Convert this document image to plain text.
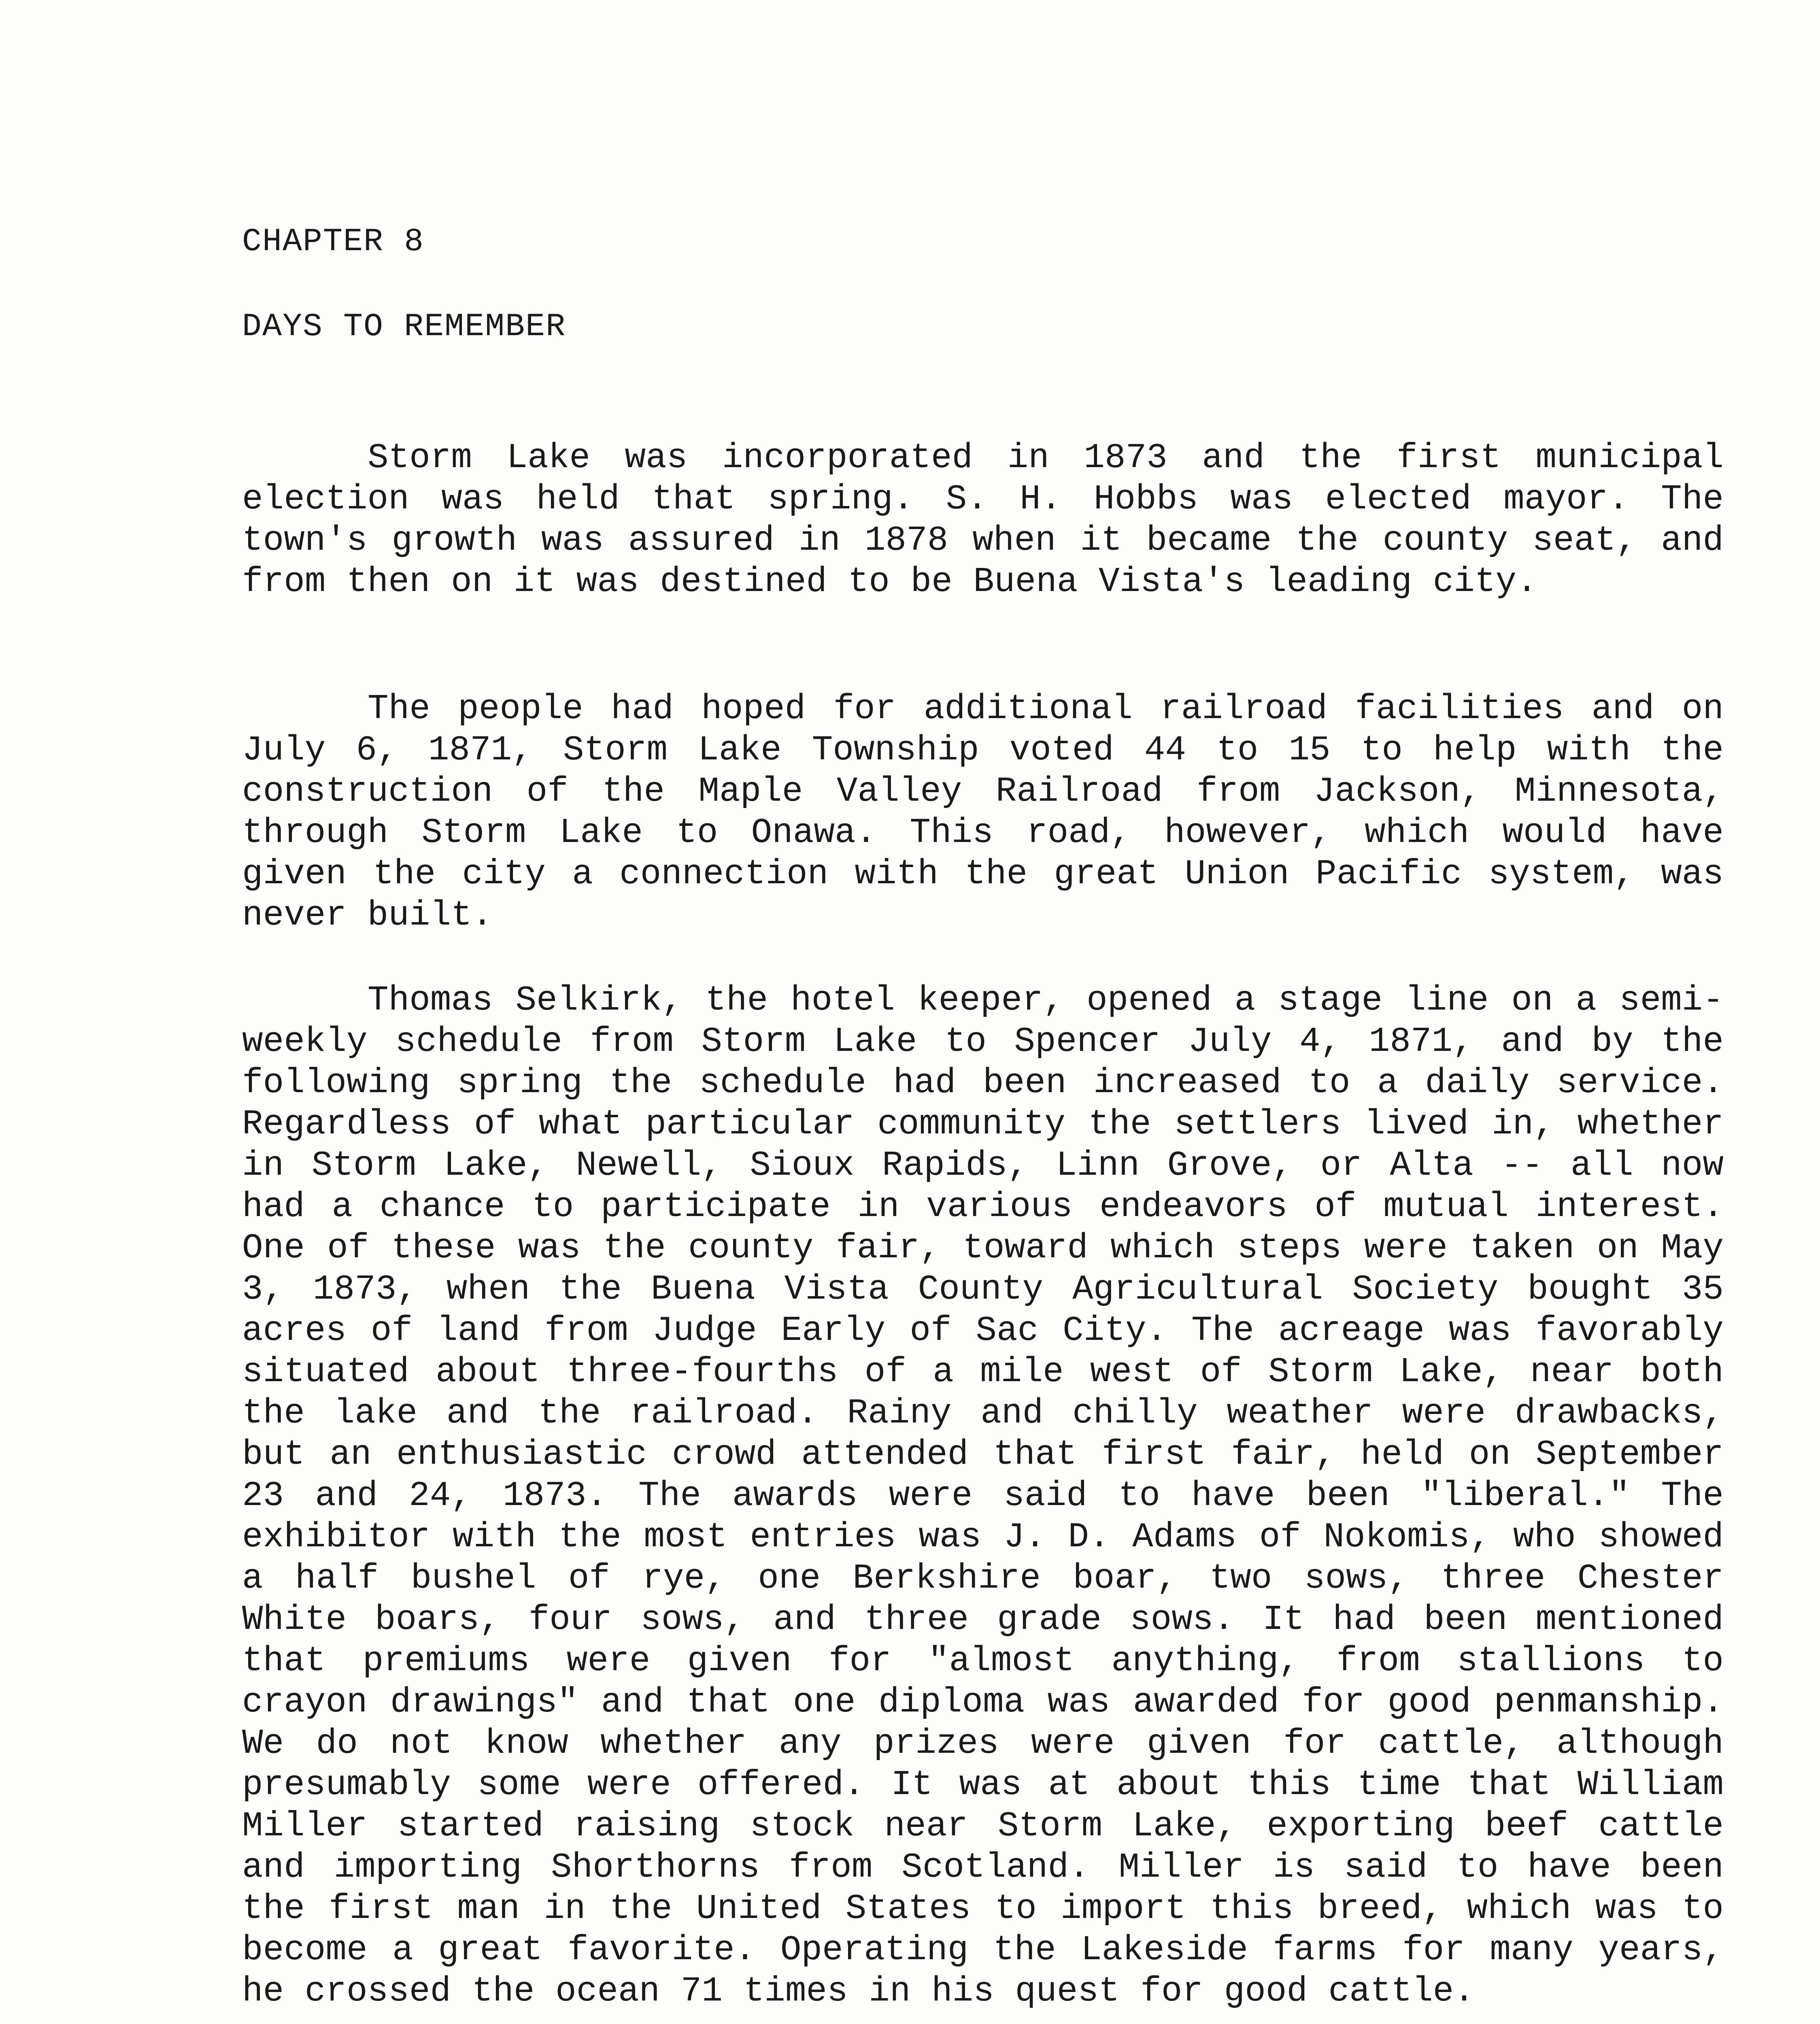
CHAPTER 8
DAYS TO REMEMBER

Storm Lake was incorporated in 1873 and the first municipal election was held that spring. S. H. Hobbs was elected mayor. The town's growth was assured in 1878 when it became the county seat, and from then on it was destined to be Buena Vista's leading city.

The people had hoped for additional railroad facilities and on July 6, 1871, Storm Lake Township voted 44 to 15 to help with the construction of the Maple Valley Railroad from Jackson, Minnesota, through Storm Lake to Onawa. This road, however, which would have given the city a connection with the great Union Pacific system, was never built.

Thomas Selkirk, the hotel keeper, opened a stage line on a semi-weekly schedule from Storm Lake to Spencer July 4, 1871, and by the following spring the schedule had been increased to a daily service. Regardless of what particular community the settlers lived in, whether in Storm Lake, Newell, Sioux Rapids, Linn Grove, or Alta -- all now had a chance to participate in various endeavors of mutual interest. One of these was the county fair, toward which steps were taken on May 3, 1873, when the Buena Vista County Agricultural Society bought 35 acres of land from Judge Early of Sac City. The acreage was favorably situated about three-fourths of a mile west of Storm Lake, near both the lake and the railroad. Rainy and chilly weather were drawbacks, but an enthusiastic crowd attended that first fair, held on September 23 and 24, 1873. The awards were said to have been "liberal." The exhibitor with the most entries was J. D. Adams of Nokomis, who showed a half bushel of rye, one Berkshire boar, two sows, three Chester White boars, four sows, and three grade sows. It had been mentioned that premiums were given for "almost anything, from stallions to crayon drawings" and that one diploma was awarded for good penmanship. We do not know whether any prizes were given for cattle, although presumably some were offered. It was at about this time that William Miller started raising stock near Storm Lake, exporting beef cattle and importing Shorthorns from Scotland. Miller is said to have been the first man in the United States to import this breed, which was to become a great favorite. Operating the Lakeside farms for many years, he crossed the ocean 71 times in his quest for good cattle.
